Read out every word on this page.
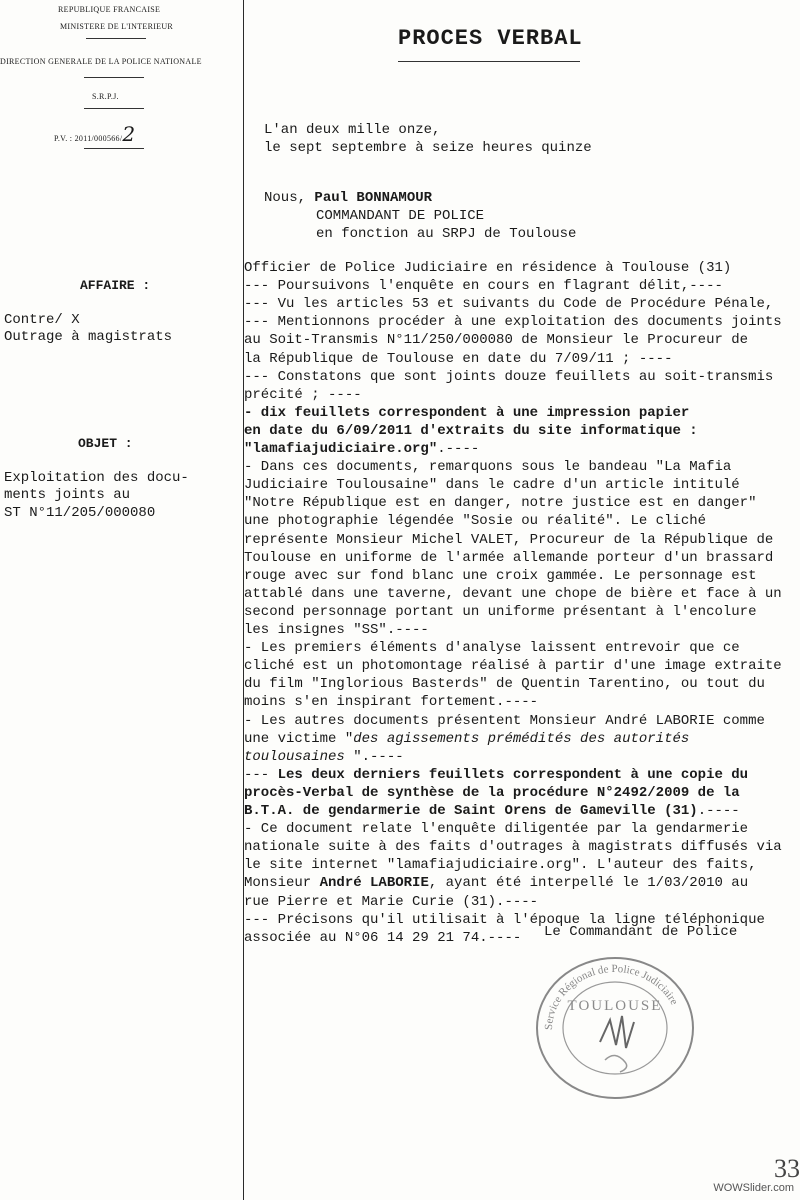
REPUBLIQUE FRANCAISE
MINISTERE DE L'INTERIEUR
DIRECTION GENERALE DE LA POLICE NATIONALE
S.R.P.J.
P.V. : 2011/000566/2
PROCES VERBAL
L'an deux mille onze,
le sept septembre à seize heures quinze
Nous, Paul BONNAMOUR
COMMANDANT DE POLICE
en fonction au SRPJ de Toulouse
AFFAIRE :
Contre/ X
Outrage à magistrats
OBJET :
Exploitation des docu-
ments joints au
ST N°11/205/000080
Officier de Police Judiciaire en résidence à Toulouse (31)
--- Poursuivons l'enquête en cours en flagrant délit,----
--- Vu les articles 53 et suivants du Code de Procédure Pénale,
--- Mentionnons procéder à une exploitation des documents joints
au Soit-Transmis N°11/250/000080 de Monsieur le Procureur de
la République de Toulouse en date du 7/09/11 ; ----
--- Constatons que sont joints douze feuillets au soit-transmis
précité ; ----
- dix feuillets correspondent à une impression papier
en date du 6/09/2011 d'extraits du site informatique :
"lamafiajudiciaire.org".----
- Dans ces documents, remarquons sous le bandeau "La Mafia
Judiciaire Toulousaine" dans le cadre d'un article intitulé
"Notre République est en danger, notre justice est en danger"
une photographie légendée "Sosie ou réalité". Le cliché
représente Monsieur Michel VALET, Procureur de la République de
Toulouse en uniforme de l'armée allemande porteur d'un brassard
rouge avec sur fond blanc une croix gammée. Le personnage est
attablé dans une taverne, devant une chope de bière et face à un
second personnage portant un uniforme présentant à l'encolure
les insignes "SS".----
- Les premiers éléments d'analyse laissent entrevoir que ce
cliché est un photomontage réalisé à partir d'une image extraite
du film "Inglorious Basterds" de Quentin Tarentino, ou tout du
moins s'en inspirant fortement.----
- Les autres documents présentent Monsieur André LABORIE comme
une victime "des agissements prémédités des autorités
toulousaines ".----
--- Les deux derniers feuillets correspondent à une copie du
procès-Verbal de synthèse de la procédure N°2492/2009 de la
B.T.A. de gendarmerie de Saint Orens de Gameville (31).----
- Ce document relate l'enquête diligentée par la gendarmerie
nationale suite à des faits d'outrages à magistrats diffusés via
le site internet "lamafiajudiciaire.org". L'auteur des faits,
Monsieur André LABORIE, ayant été interpellé le 1/03/2010 au
rue Pierre et Marie Curie (31).----
--- Précisons qu'il utilisait à l'époque la ligne téléphonique
associée au N°06 14 29 21 74.---- Le Commandant de Police
Service Régional de Police Judiciaire
TOULOUSE
33
WOWSlider.com
